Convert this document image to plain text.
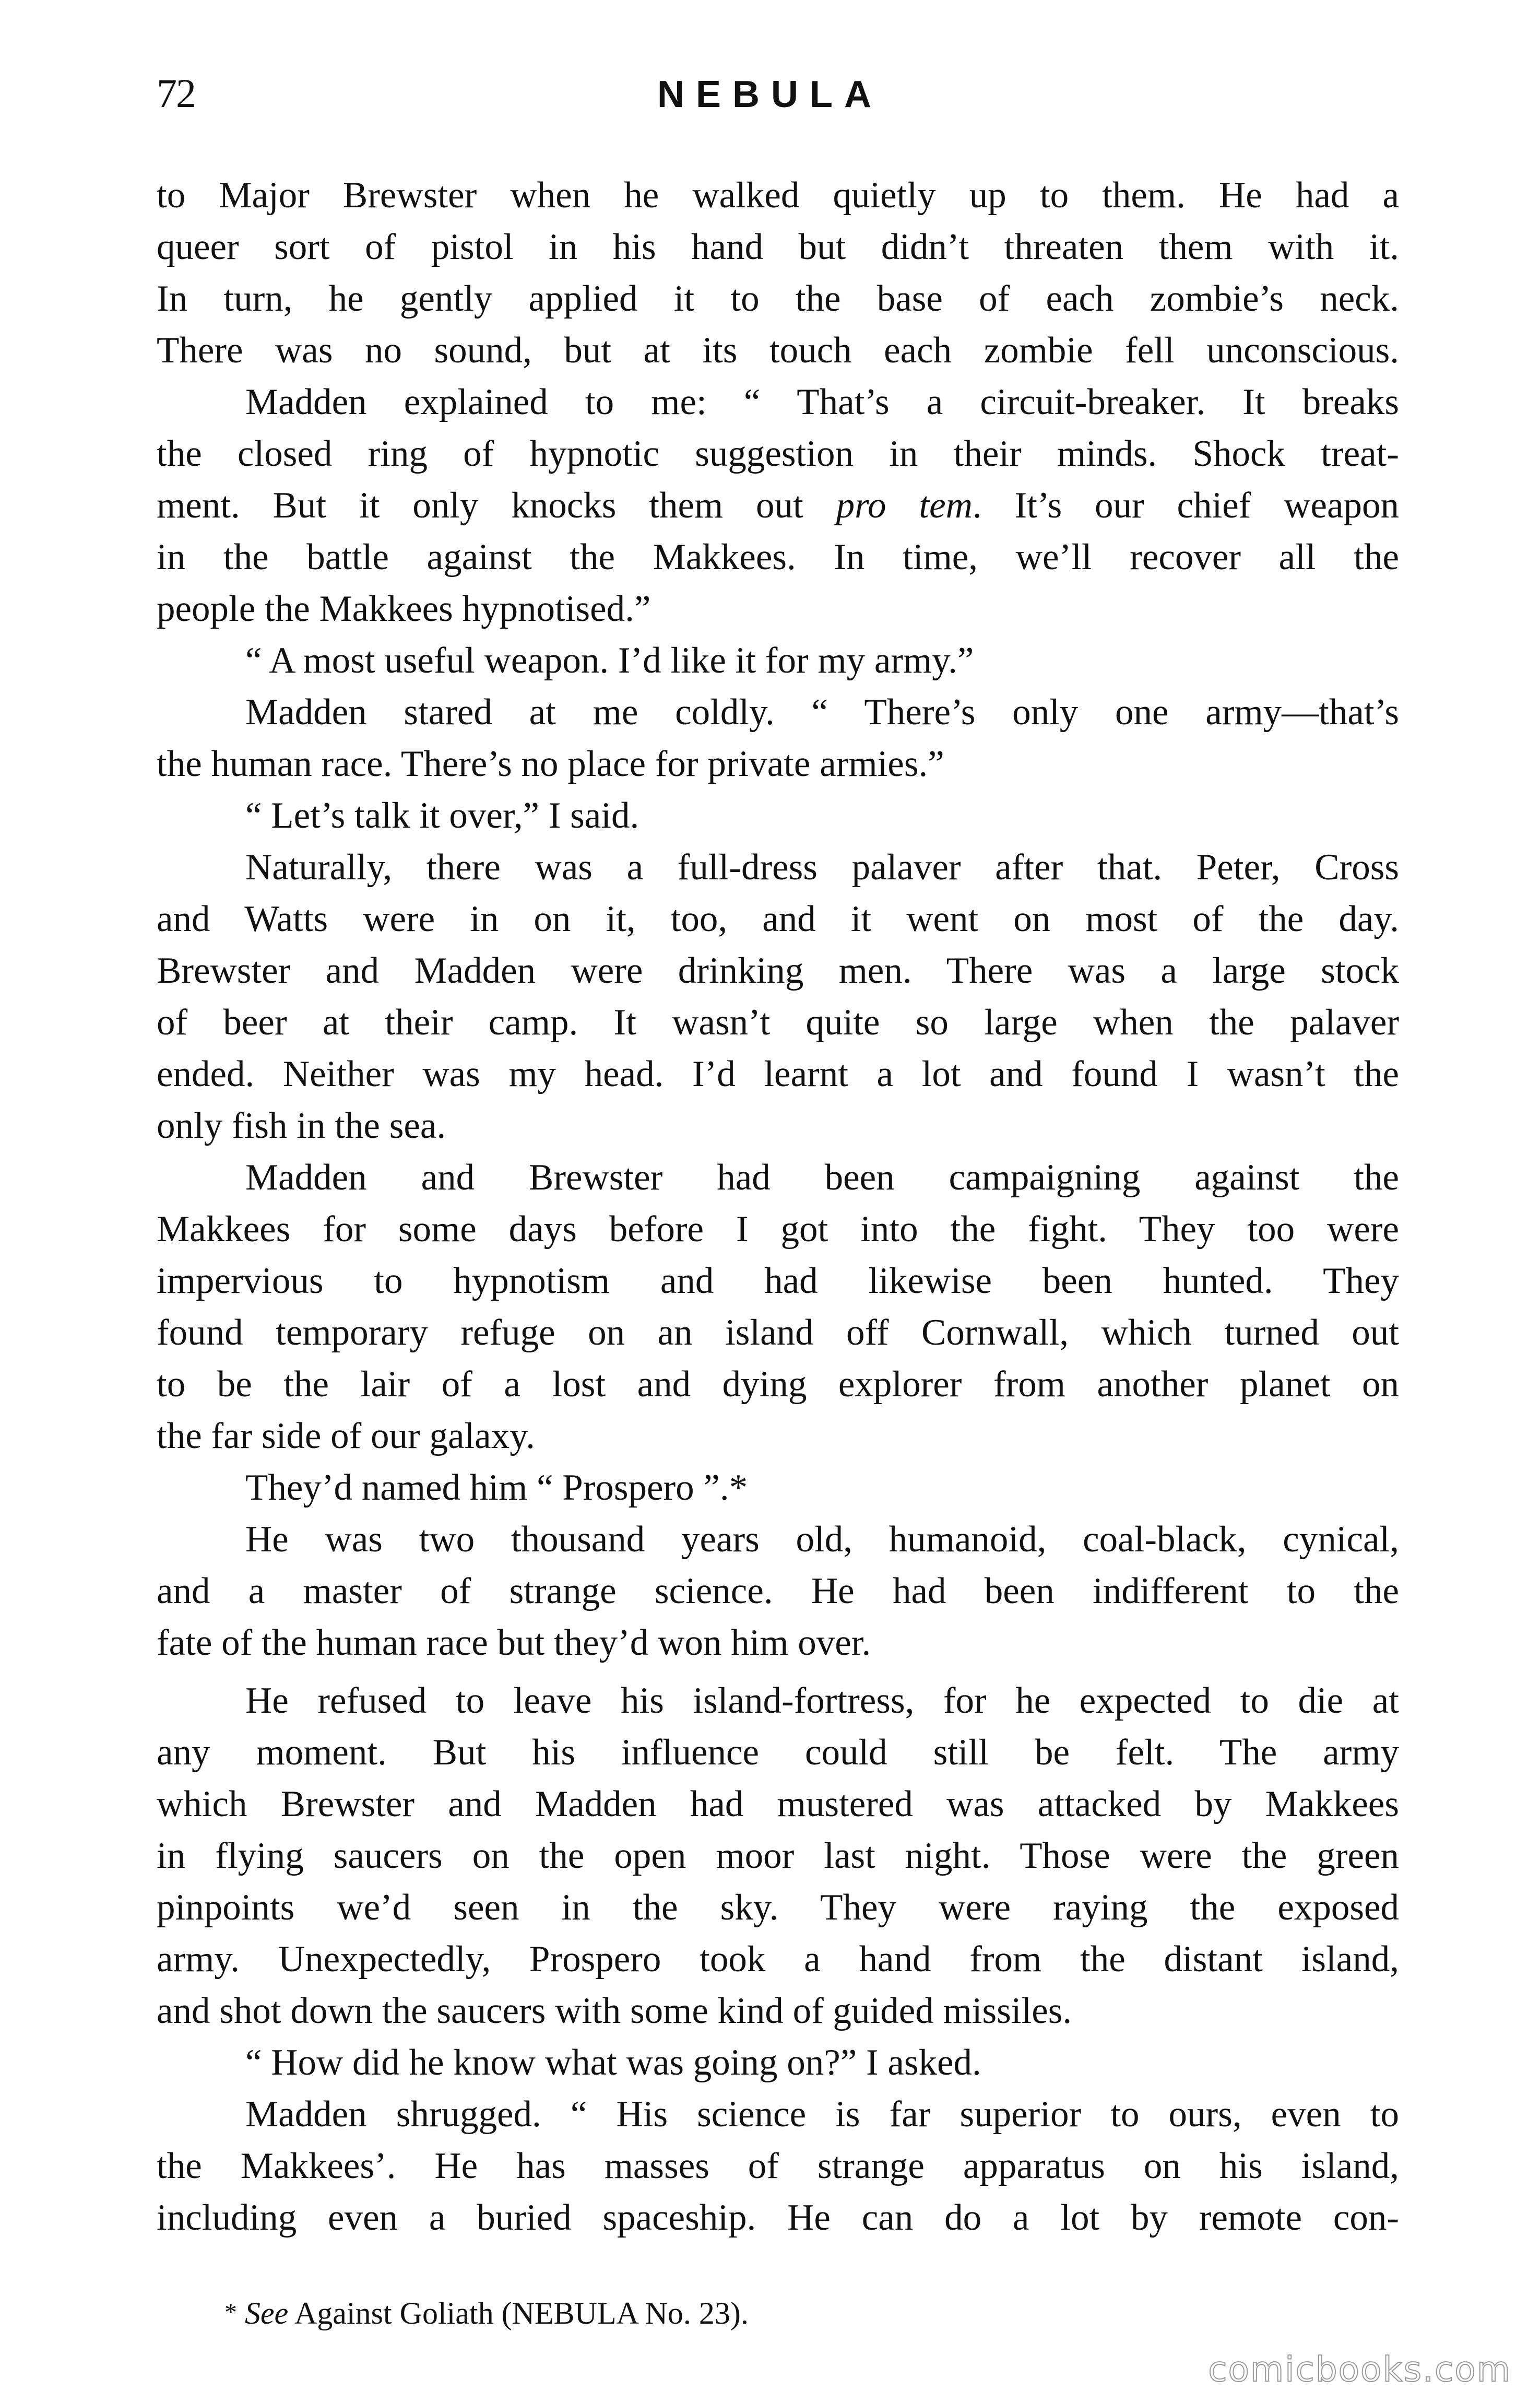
72	NEBULA
to Major Brewster when he walked quietly up to them. He had a
queer sort of pistol in his hand but didn’t threaten them with it.
In turn, he gently applied it to the base of each zombie’s neck.
There was no sound, but at its touch each zombie fell unconscious.
Madden explained to me: “ That’s a circuit-breaker. It breaks
the closed ring of hypnotic suggestion in their minds. Shock treat-
ment. But it only knocks them out pro tem. It’s our chief weapon
in the battle against the Makkees. In time, we’ll recover all the
people the Makkees hypnotised.”
“ A most useful weapon. I’d like it for my army.”
Madden stared at me coldly. “ There’s only one army—that’s
the human race. There’s no place for private armies.”
“ Let’s talk it over,” I said.
Naturally, there was a full-dress palaver after that. Peter, Cross
and Watts were in on it, too, and it went on most of the day.
Brewster and Madden were drinking men. There was a large stock
of beer at their camp. It wasn’t quite so large when the palaver
ended. Neither was my head. I’d learnt a lot and found I wasn’t the
only fish in the sea.
Madden and Brewster had been campaigning against the
Makkees for some days before I got into the fight. They too were
impervious to hypnotism and had likewise been hunted. They
found temporary refuge on an island off Cornwall, which turned out
to be the lair of a lost and dying explorer from another planet on
the far side of our galaxy.
They’d named him “ Prospero ”.*
He was two thousand years old, humanoid, coal-black, cynical,
and a master of strange science. He had been indifferent to the
fate of the human race but they’d won him over.
He refused to leave his island-fortress, for he expected to die at
any moment. But his influence could still be felt. The army
which Brewster and Madden had mustered was attacked by Makkees
in flying saucers on the open moor last night. Those were the green
pinpoints we’d seen in the sky. They were raying the exposed
army. Unexpectedly, Prospero took a hand from the distant island,
and shot down the saucers with some kind of guided missiles.
“ How did he know what was going on?” I asked.
Madden shrugged. “ His science is far superior to ours, even to
the Makkees’. He has masses of strange apparatus on his island,
including even a buried spaceship. He can do a lot by remote con-
* See Against Goliath (NEBULA No. 23).
comicbooks.com
